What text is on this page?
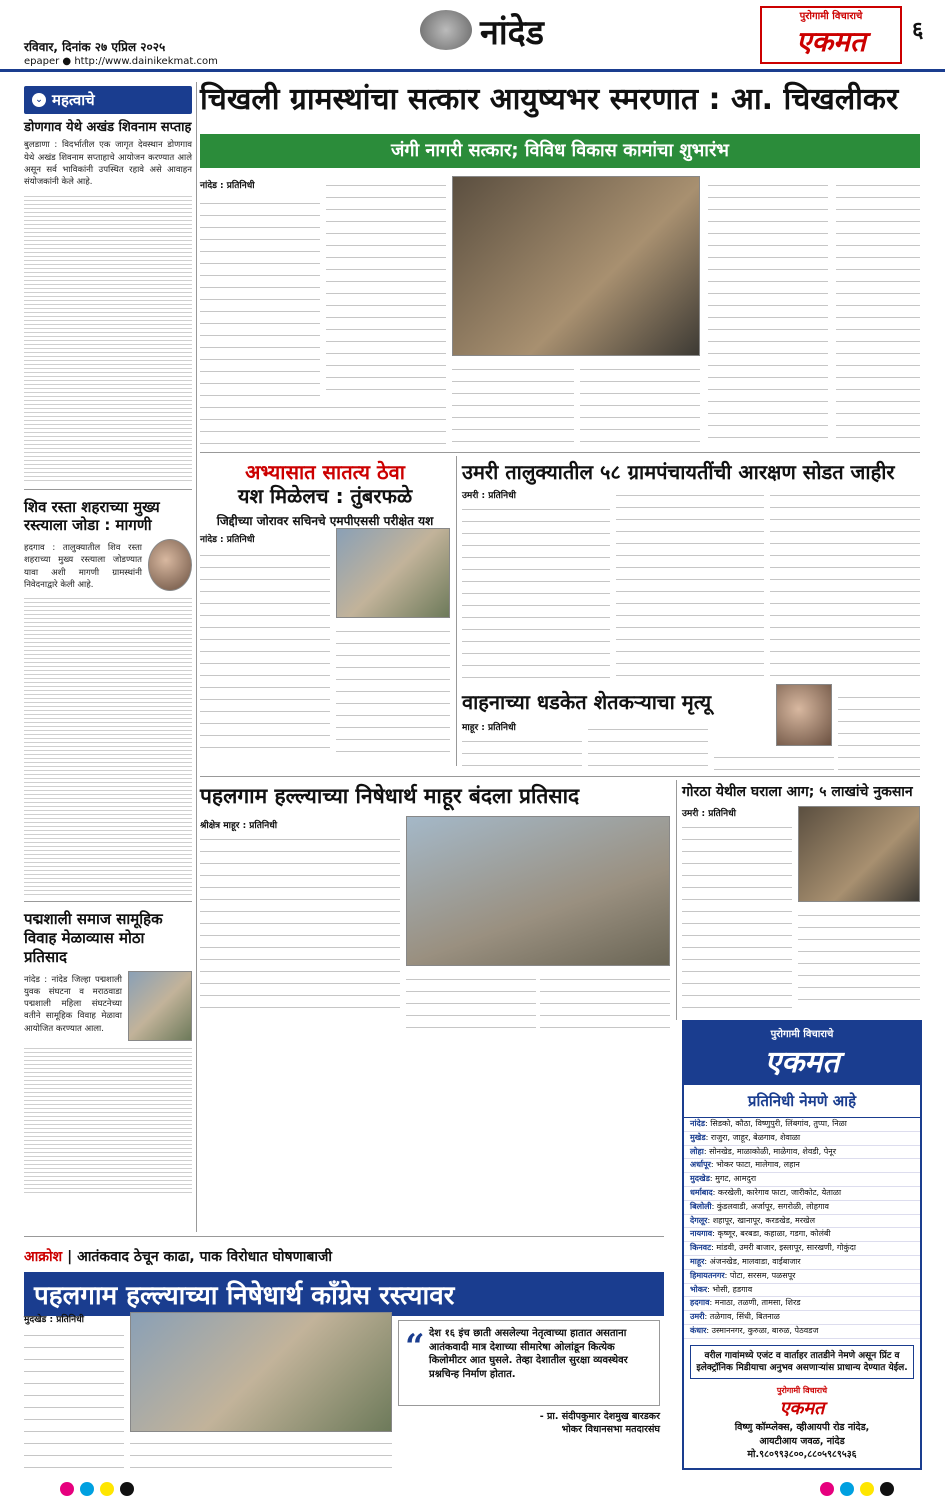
रविवार, दिनांक २७ एप्रिल २०२५
epaper ● http://www.dainikekmat.com
नांदेड	पुरोगामी विचाराचे
एकमत	६
⌄ महत्वाचे
डोणगाव येथे अखंड शिवनाम सप्ताह
बुलडाणा : विदर्भातील एक जागृत देवस्थान डोणगाव येथे अखंड शिवनाम सप्ताहाचे आयोजन करण्यात आले असून सर्व भाविकांनी उपस्थित रहावे असे आवाहन संयोजकांनी केले आहे.
शिव रस्ता शहराच्या मुख्य रस्त्याला जोडा : मागणी
हदगाव : तालुक्यातील शिव रस्ता शहराच्या मुख्य रस्त्याला जोडण्यात यावा अशी मागणी ग्रामस्थांनी निवेदनाद्वारे केली आहे.
पद्मशाली समाज सामूहिक विवाह मेळाव्यास मोठा प्रतिसाद
नांदेड : नांदेड जिल्हा पद्मशाली युवक संघटना व मराठवाडा पद्मशाली महिला संघटनेच्या वतीने सामूहिक विवाह मेळावा आयोजित करण्यात आला.
चिखली ग्रामस्थांचा सत्कार आयुष्यभर स्मरणात : आ. चिखलीकर
जंगी नागरी सत्कार; विविध विकास कामांचा शुभारंभ
नांदेड : प्रतिनिधी
अभ्यासात सातत्य ठेवा
यश मिळेलच : तुंबरफळे
जिद्दीच्या जोरावर सचिनचे एमपीएससी परीक्षेत यश
नांदेड : प्रतिनिधी
उमरी तालुक्यातील ५८ ग्रामपंचायतींची आरक्षण सोडत जाहीर
उमरी : प्रतिनिधी
वाहनाच्या धडकेत शेतकऱ्याचा मृत्यू
माहूर : प्रतिनिधी
पहलगाम हल्ल्याच्या निषेधार्थ माहूर बंदला प्रतिसाद
श्रीक्षेत्र माहूर : प्रतिनिधी
गोरठा येथील घराला आग; ५ लाखांचे नुकसान
उमरी : प्रतिनिधी
आक्रोश | आतंकवाद ठेचून काढा, पाक विरोधात घोषणाबाजी
पहलगाम हल्ल्याच्या निषेधार्थ काँग्रेस रस्त्यावर
मुदखेड : प्रतिनिधी
“ देश १६ इंच छाती असलेल्या नेतृत्वाच्या हातात असताना आतंकवादी मात्र देशाच्या सीमारेषा ओलांडून कित्येक किलोमीटर आत घुसले. तेव्हा देशातील सुरक्षा व्यवस्थेवर प्रश्नचिन्ह निर्माण होतात.
- प्रा. संदीपकुमार देशमुख बारडकर
भोकर विधानसभा मतदारसंघ
पुरोगामी विचाराचे
एकमत
प्रतिनिधी नेमणे आहे
नांदेड: सिडको, कौठा, विष्णुपुरी, लिंबगांव, तुप्पा, निळा
मुखेड: राजुरा, जाहूर, बेळगाव, शेवाळा
लोहा: सोनखेड, माळाकोळी, माळेगाव, शेवडी, पेनूर
अर्धापूर: भोकर फाटा, मालेगाव, लहान
मुदखेड: मुगट, आमदुरा
धर्माबाद: करखेली, कारेगाव फाटा, जारीकोट, येताळा
बिलोली: कुंडलवाडी, अर्जापूर, सगरोळी, लोहगाव
देगलूर: शहापूर, खानापूर, करडखेड, मरखेल
नायगाव: कृष्णूर, बरबडा, कहाळा, गडगा, कोलंबी
किनवट: मांडवी, उमरी बाजार, इस्लापूर, सारखणी, गोकुंदा
माहूर: अंजनखेड, मालवाडा, वाईबाजार
हिमायतनगर: पोटा, सरसम, पळसपूर
भोकर: भोसी, हडगाव
हदगाव: मनाठा, तळणी, तामसा, शिरड
उमरी: तळेगाव, सिंधी, बितनाळ
कंधार: उस्माननगर, कुरुळा, बारुळ, पेठवडज
वरील गावांमध्ये एजंट व वार्ताहर तातडीने नेमणे असून प्रिंट व इलेक्ट्रॉनिक मिडीयाचा अनुभव असणाऱ्यांस प्राधान्य देण्यात येईल.
पुरोगामी विचाराचे
एकमत
विष्णु कॉम्प्लेक्स, व्हीआयपी रोड नांदेड,
आयटीआय जवळ, नांदेड
मो.९८०९९३८००,८८०५९८९५३६
